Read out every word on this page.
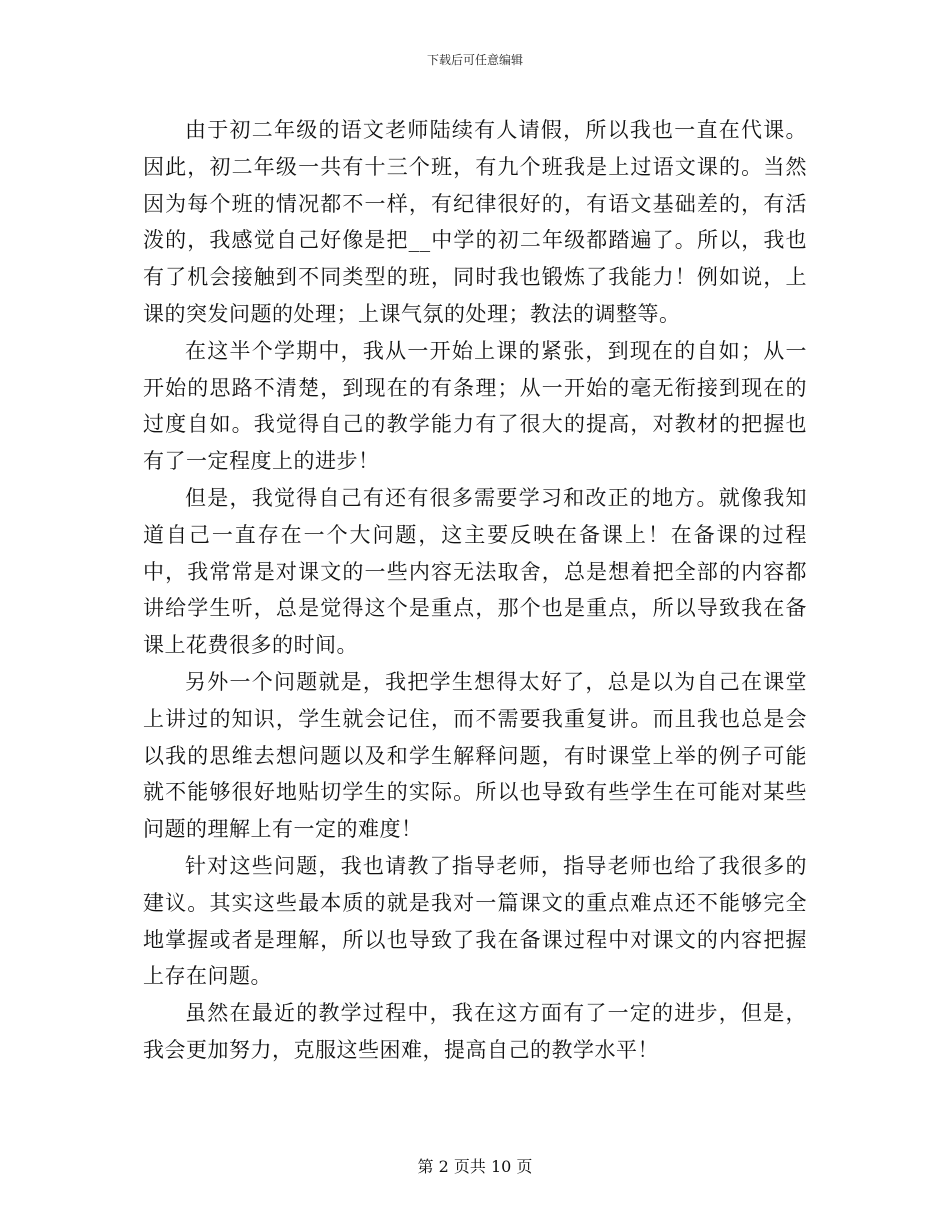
下载后可任意编辑

由于初二年级的语文老师陆续有人请假，所以我也一直在代课。因此，初二年级一共有十三个班，有九个班我是上过语文课的。当然因为每个班的情况都不一样，有纪律很好的，有语文基础差的，有活泼的，我感觉自己好像是把__中学的初二年级都踏遍了。所以，我也有了机会接触到不同类型的班，同时我也锻炼了我能力！例如说，上课的突发问题的处理；上课气氛的处理；教法的调整等。

在这半个学期中，我从一开始上课的紧张，到现在的自如；从一开始的思路不清楚，到现在的有条理；从一开始的毫无衔接到现在的过度自如。我觉得自己的教学能力有了很大的提高，对教材的把握也有了一定程度上的进步！

但是，我觉得自己有还有很多需要学习和改正的地方。就像我知道自己一直存在一个大问题，这主要反映在备课上！在备课的过程中，我常常是对课文的一些内容无法取舍，总是想着把全部的内容都讲给学生听，总是觉得这个是重点，那个也是重点，所以导致我在备课上花费很多的时间。

另外一个问题就是，我把学生想得太好了，总是以为自己在课堂上讲过的知识，学生就会记住，而不需要我重复讲。而且我也总是会以我的思维去想问题以及和学生解释问题，有时课堂上举的例子可能就不能够很好地贴切学生的实际。所以也导致有些学生在可能对某些问题的理解上有一定的难度！

针对这些问题，我也请教了指导老师，指导老师也给了我很多的建议。其实这些最本质的就是我对一篇课文的重点难点还不能够完全地掌握或者是理解，所以也导致了我在备课过程中对课文的内容把握上存在问题。

虽然在最近的教学过程中，我在这方面有了一定的进步，但是，我会更加努力，克服这些困难，提高自己的教学水平！

第 2 页共 10 页
